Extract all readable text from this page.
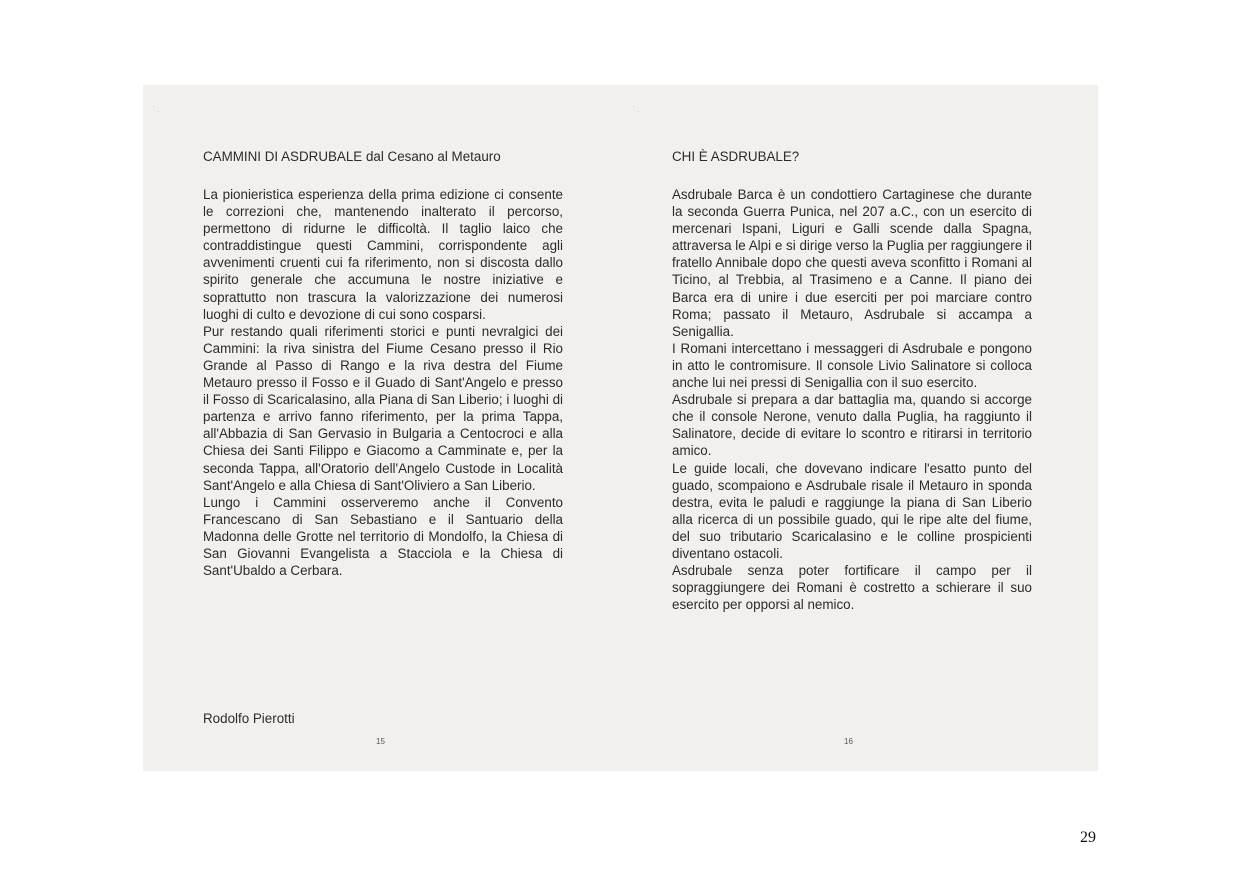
˙ .	˙ .
CAMMINI DI ASDRUBALE dal Cesano al Metauro

La pionieristica esperienza della prima edizione ci consente le correzioni che, mantenendo inalterato il percorso, permettono di ridurne le difficoltà. Il taglio laico che contraddistingue questi Cammini, corrispondente agli avvenimenti cruenti cui fa riferimento, non si discosta dallo spirito generale che accumuna le nostre iniziative e soprattutto non trascura la valorizzazione dei numerosi luoghi di culto e devozione di cui sono cosparsi.

Pur restando quali riferimenti storici e punti nevralgici dei Cammini: la riva sinistra del Fiume Cesano presso il Rio Grande al Passo di Rango e la riva destra del Fiume Metauro presso il Fosso e il Guado di Sant'Angelo e presso il Fosso di Scaricalasino, alla Piana di San Liberio; i luoghi di partenza e arrivo fanno riferimento, per la prima Tappa, all'Abbazia di San Gervasio in Bulgaria a Centocroci e alla Chiesa dei Santi Filippo e Giacomo a Camminate e, per la seconda Tappa, all'Oratorio dell'Angelo Custode in Località Sant'Angelo e alla Chiesa di Sant'Oliviero a San Liberio.

Lungo i Cammini osserveremo anche il Convento Francescano di San Sebastiano e il Santuario della Madonna delle Grotte nel territorio di Mondolfo, la Chiesa di San Giovanni Evangelista a Stacciola e la Chiesa di Sant'Ubaldo a Cerbara.

Rodolfo Pierotti
CHI È ASDRUBALE?

Asdrubale Barca è un condottiero Cartaginese che durante la seconda Guerra Punica, nel 207 a.C., con un esercito di mercenari Ispani, Liguri e Galli scende dalla Spagna, attraversa le Alpi e si dirige verso la Puglia per raggiungere il fratello Annibale dopo che questi aveva sconfitto i Romani al Ticino, al Trebbia, al Trasimeno e a Canne. Il piano dei Barca era di unire i due eserciti per poi marciare contro Roma; passato il Metauro, Asdrubale si accampa a Senigallia.

I Romani intercettano i messaggeri di Asdrubale e pongono in atto le contromisure. Il console Livio Salinatore si colloca anche lui nei pressi di Senigallia con il suo esercito.

Asdrubale si prepara a dar battaglia ma, quando si accorge che il console Nerone, venuto dalla Puglia, ha raggiunto il Salinatore, decide di evitare lo scontro e ritirarsi in territorio amico.

Le guide locali, che dovevano indicare l'esatto punto del guado, scompaiono e Asdrubale risale il Metauro in sponda destra, evita le paludi e raggiunge la piana di San Liberio alla ricerca di un possibile guado, qui le ripe alte del fiume, del suo tributario Scaricalasino e le colline prospicienti diventano ostacoli.

Asdrubale senza poter fortificare il campo per il sopraggiungere dei Romani è costretto a schierare il suo esercito per opporsi al nemico.

15	16
29
